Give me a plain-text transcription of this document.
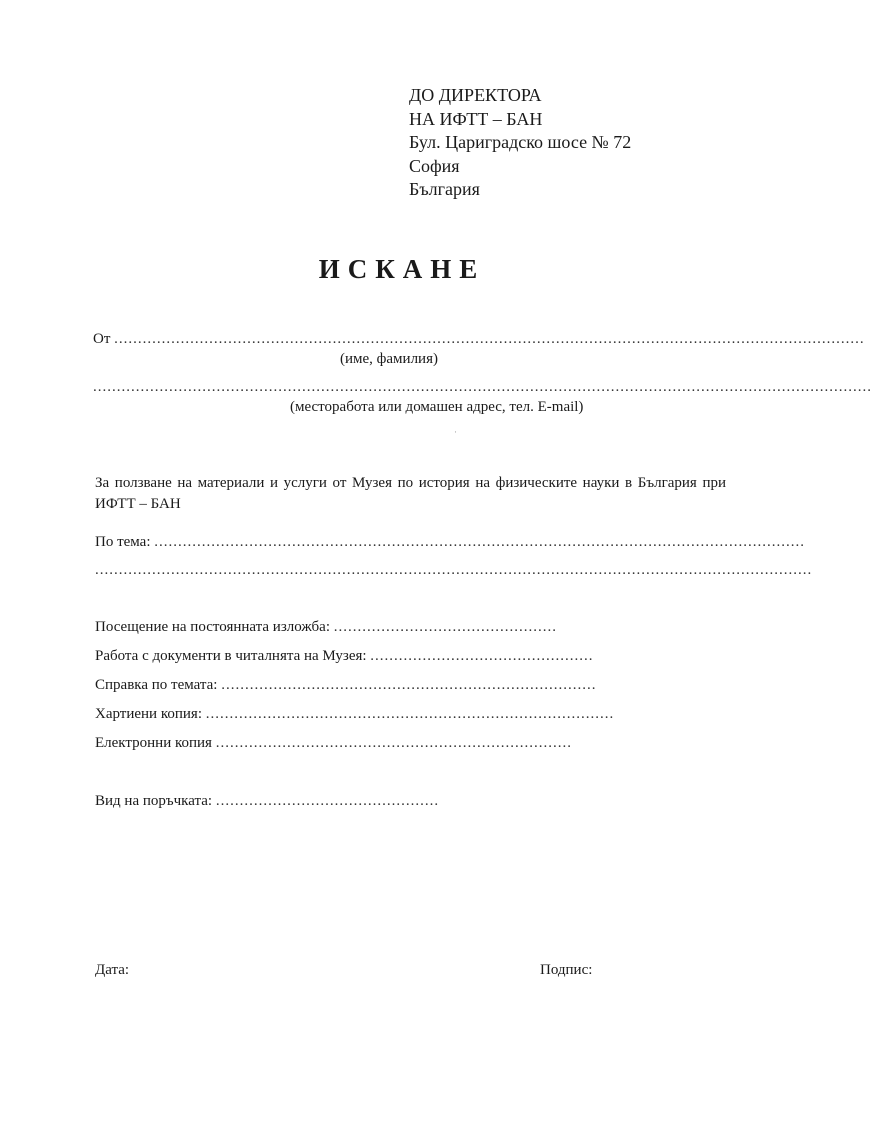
ДО ДИРЕКТОРА
НА ИФТТ – БАН
Бул. Цариградско шосе № 72
София
България
ИСКАНЕ
От ..............................................................................................................................................................
(име, фамилия)
....................................................................................................................................................................
(месторабота или домашен адрес, тел. E-mail)
·
За ползване на материали и услуги от Музея по история на физическите науки в България при ИФТТ – БАН
По тема: .........................................................................................................................................
.......................................................................................................................................................
Посещение на постоянната изложба: ...............................................
Работа с документи в читалнята на Музея: ...............................................
Справка по темата: ...............................................................................
Хартиени копия: ......................................................................................
Електронни копия ...........................................................................
Вид на поръчката: ...............................................
Дата:	Подпис:
